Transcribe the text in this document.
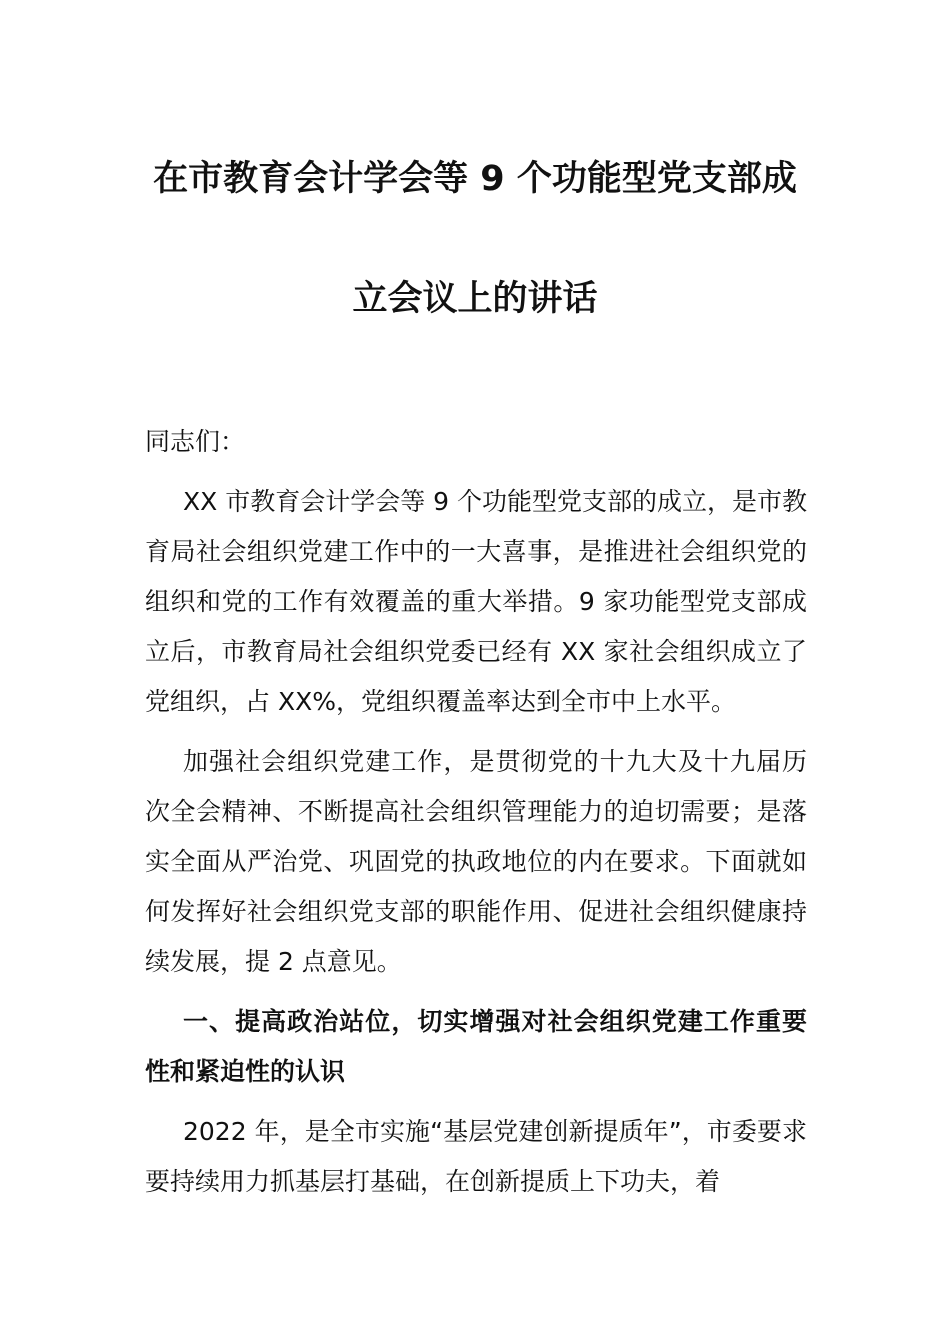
在市教育会计学会等 9 个功能型党支部成
立会议上的讲话

同志们：

XX 市教育会计学会等 9 个功能型党支部的成立，是市教育局社会组织党建工作中的一大喜事，是推进社会组织党的组织和党的工作有效覆盖的重大举措。9 家功能型党支部成立后，市教育局社会组织党委已经有 XX 家社会组织成立了党组织，占 XX%，党组织覆盖率达到全市中上水平。

加强社会组织党建工作，是贯彻党的十九大及十九届历次全会精神、不断提高社会组织管理能力的迫切需要；是落实全面从严治党、巩固党的执政地位的内在要求。下面就如何发挥好社会组织党支部的职能作用、促进社会组织健康持续发展，提 2 点意见。

一、提高政治站位，切实增强对社会组织党建工作重要性和紧迫性的认识

2022 年，是全市实施“基层党建创新提质年”，市委要求要持续用力抓基层打基础，在创新提质上下功夫，着
